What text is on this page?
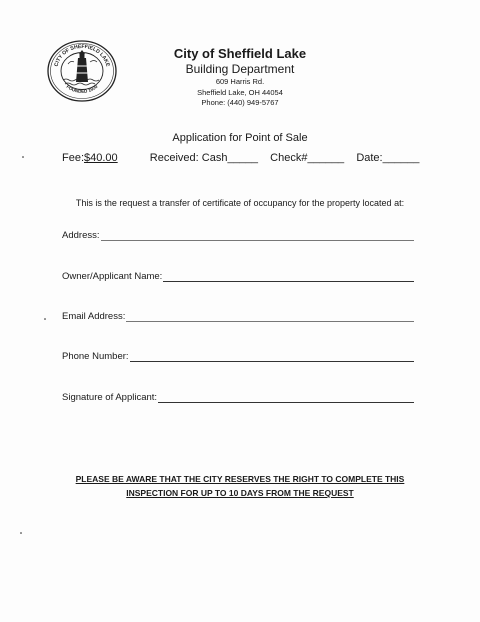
CITY OF SHEFFIELD LAKE
FOUNDED 1920
City of Sheffield Lake
Building Department
609 Harris Rd.
Sheffield Lake, OH 44054
Phone: (440) 949-5767
Application for Point of Sale
Fee:$40.00	Received: Cash_____ Check#______ Date:______
This is the request a transfer of certificate of occupancy for the property located at:
Address:
Owner/Applicant Name:
Email Address:
Phone Number:
Signature of Applicant:
PLEASE BE AWARE THAT THE CITY RESERVES THE RIGHT TO COMPLETE THIS
INSPECTION FOR UP TO 10 DAYS FROM THE REQUEST
